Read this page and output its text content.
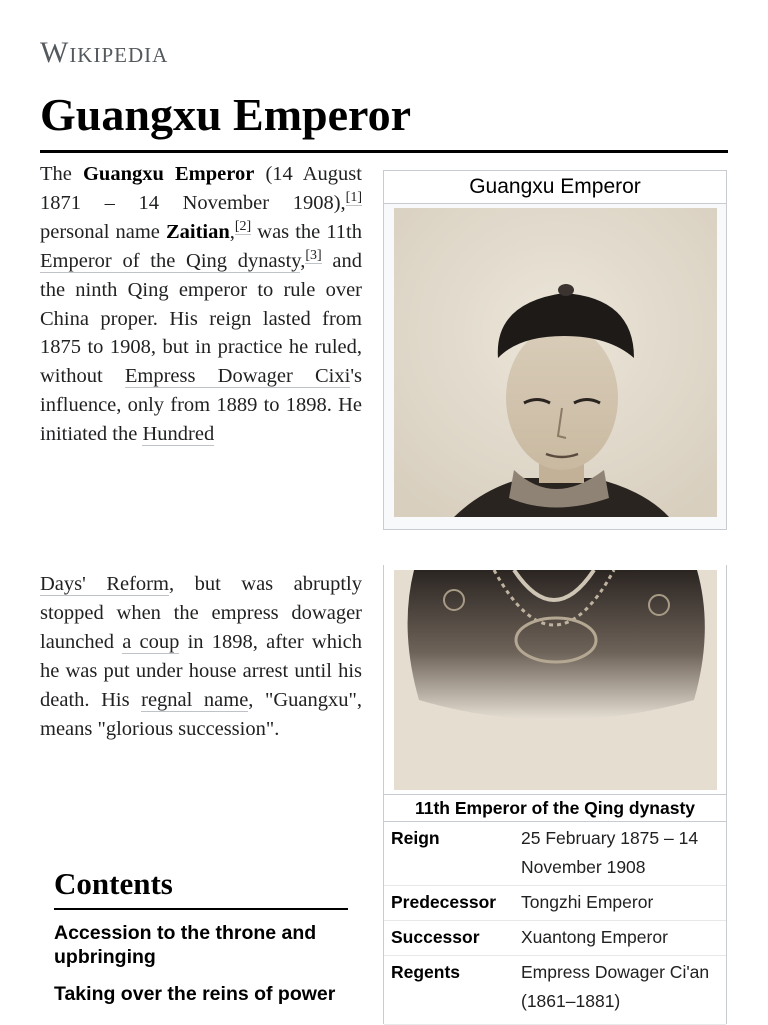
Wikipedia
Guangxu Emperor
The Guangxu Emperor (14 August 1871 – 14 November 1908),[1] personal name Zaitian,[2] was the 11th Emperor of the Qing dynasty,[3] and the ninth Qing emperor to rule over China proper. His reign lasted from 1875 to 1908, but in practice he ruled, without Empress Dowager Cixi's influence, only from 1889 to 1898. He initiated the Hundred
Days' Reform, but was abruptly stopped when the empress dowager launched a coup in 1898, after which he was put under house arrest until his death. His regnal name, "Guangxu", means "glorious succession".
Contents
Accession to the throne and upbringing
Taking over the reins of power
Guangxu Emperor
11th Emperor of the Qing dynasty
Reign	25 February 1875 – 14 November 1908
Predecessor Tongzhi Emperor
Successor Xuantong Emperor
Regents	Empress Dowager Ci'an (1861–1881)
